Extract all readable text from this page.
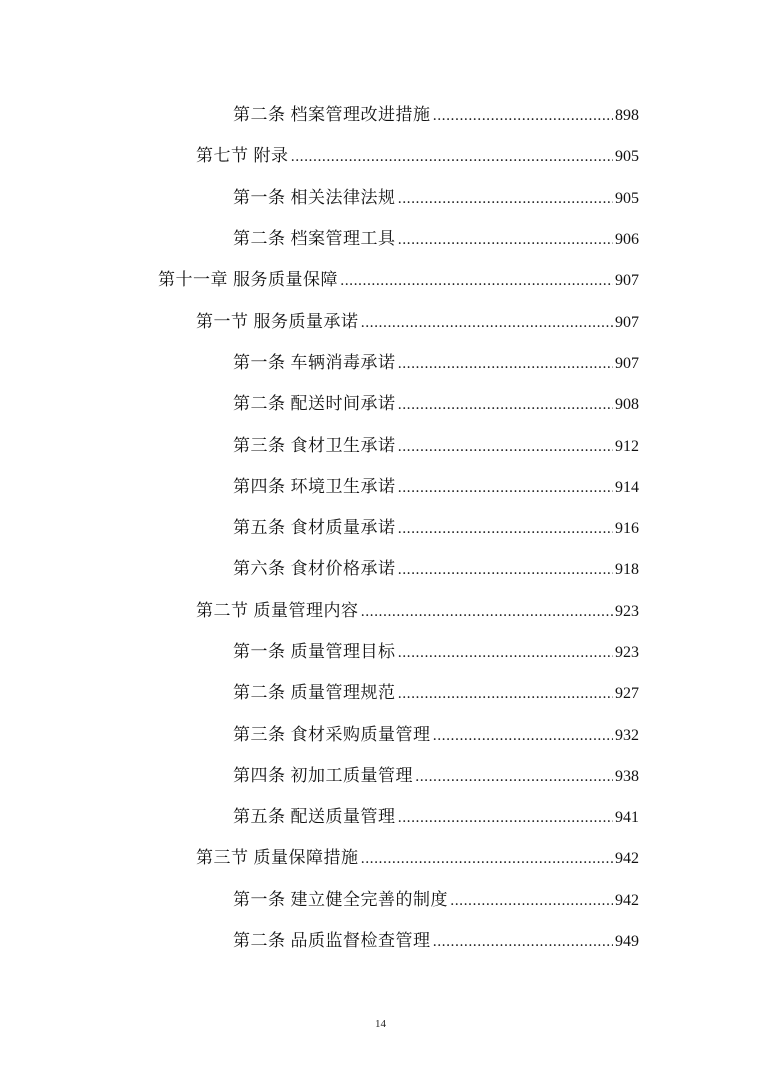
第二条 档案管理改进措施 .....	898
第七节 附录 .....	905
第一条 相关法律法规 .....	905
第二条 档案管理工具 .....	906
第十一章 服务质量保障 .....	907
第一节 服务质量承诺 .....	907
第一条 车辆消毒承诺 .....	907
第二条 配送时间承诺 .....	908
第三条 食材卫生承诺 .....	912
第四条 环境卫生承诺 .....	914
第五条 食材质量承诺 .....	916
第六条 食材价格承诺 .....	918
第二节 质量管理内容 .....	923
第一条 质量管理目标 .....	923
第二条 质量管理规范 .....	927
第三条 食材采购质量管理 .....	932
第四条 初加工质量管理 .....	938
第五条 配送质量管理 .....	941
第三节 质量保障措施 .....	942
第一条 建立健全完善的制度 .....	942
第二条 品质监督检查管理 .....	949
14
